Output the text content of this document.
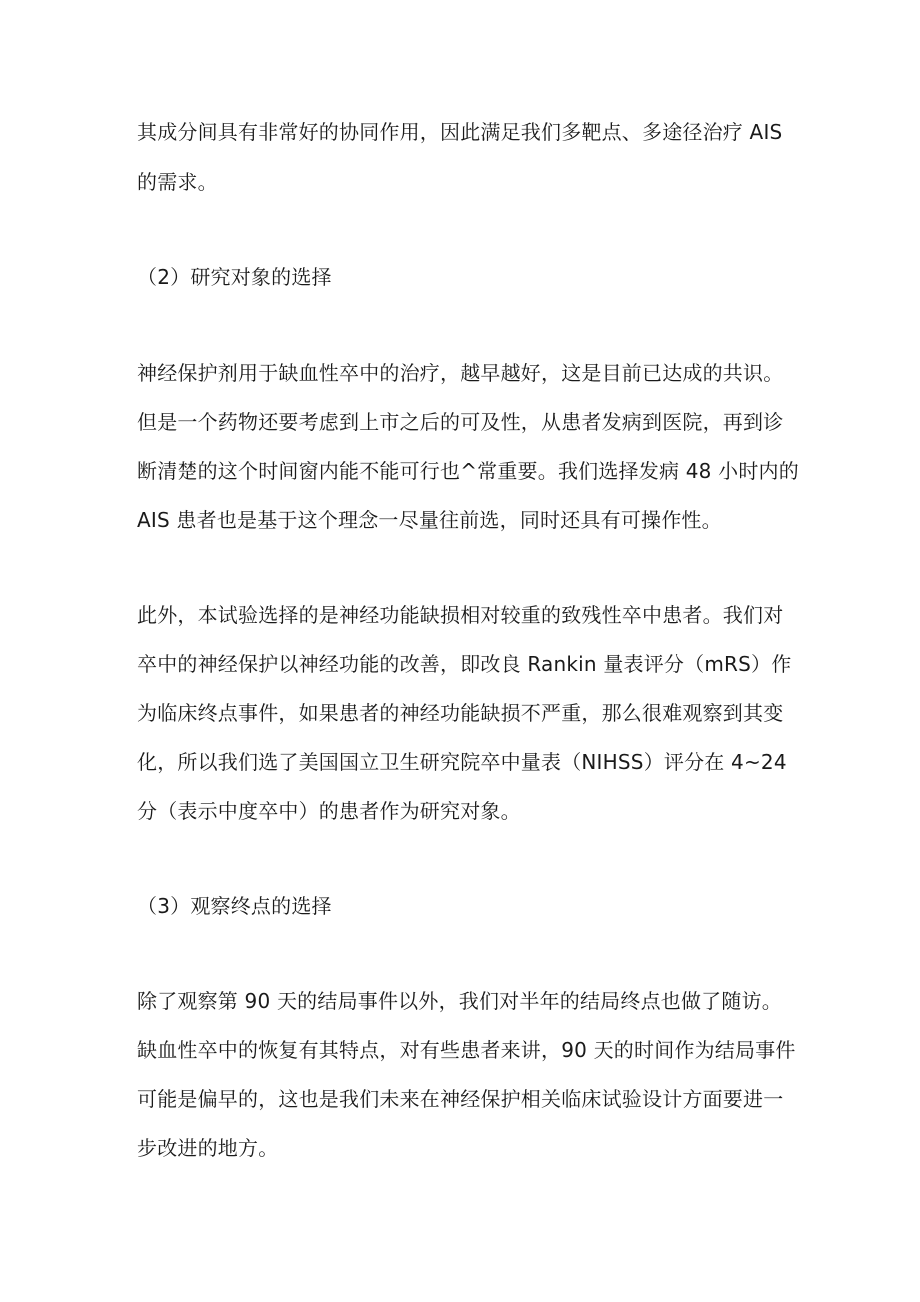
其成分间具有非常好的协同作用，因此满足我们多靶点、多途径治疗 AIS
的需求。
（2）研究对象的选择
神经保护剂用于缺血性卒中的治疗，越早越好，这是目前已达成的共识。
但是一个药物还要考虑到上市之后的可及性，从患者发病到医院，再到诊
断清楚的这个时间窗内能不能可行也^常重要。我们选择发病 48 小时内的
AIS 患者也是基于这个理念一尽量往前选，同时还具有可操作性。
此外，本试验选择的是神经功能缺损相对较重的致残性卒中患者。我们对
卒中的神经保护以神经功能的改善，即改良 Rankin 量表评分（mRS）作
为临床终点事件，如果患者的神经功能缺损不严重，那么很难观察到其变
化，所以我们选了美国国立卫生研究院卒中量表（NIHSS）评分在 4~24
分（表示中度卒中）的患者作为研究对象。
（3）观察终点的选择
除了观察第 90 天的结局事件以外，我们对半年的结局终点也做了随访。
缺血性卒中的恢复有其特点，对有些患者来讲，90 天的时间作为结局事件
可能是偏早的，这也是我们未来在神经保护相关临床试验设计方面要进一
步改进的地方。
